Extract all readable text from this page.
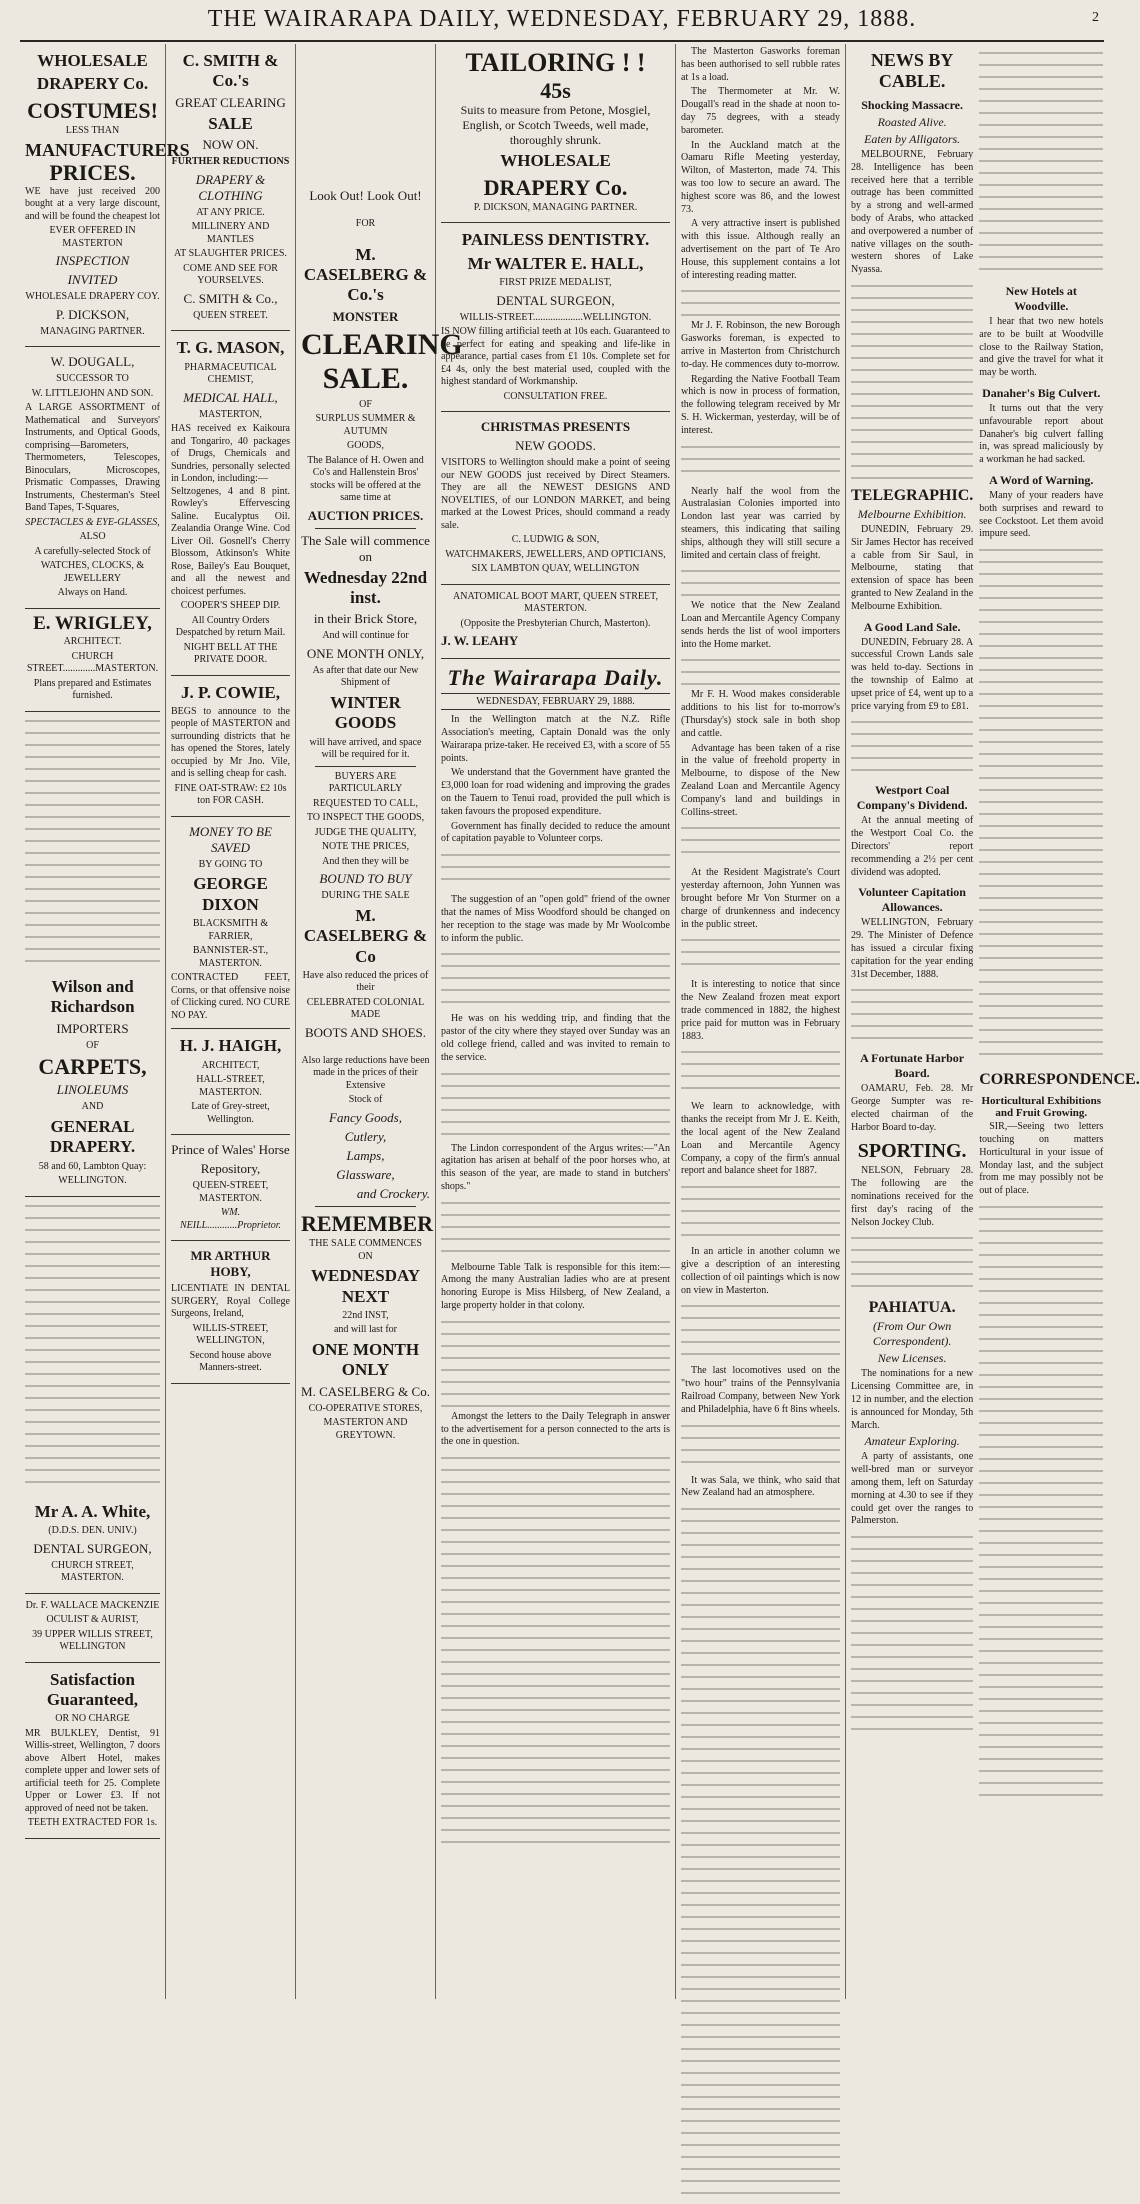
THE WAIRARAPA DAILY, WEDNESDAY, FEBRUARY 29, 1888.	2
WHOLESALE
DRAPERY Co.
COSTUMES!
LESS THAN
MANUFACTURERS
PRICES.
WE have just received 200 bought at a very large discount, and will be found the cheapest lot
EVER OFFERED IN MASTERTON
INSPECTION
INVITED
WHOLESALE DRAPERY COY.
P. DICKSON,
MANAGING PARTNER.
W. DOUGALL,
SUCCESSOR TO
W. LITTLEJOHN AND SON.
A LARGE ASSORTMENT of Mathematical and Surveyors' Instruments, and Optical Goods, comprising—Barometers, Thermometers, Telescopes, Binoculars, Microscopes, Prismatic Compasses, Drawing Instruments, Chesterman's Steel Band Tapes, T-Squares,
SPECTACLES & EYE-GLASSES,
ALSO
A carefully-selected Stock of
WATCHES, CLOCKS, & JEWELLERY
Always on Hand.
E. WRIGLEY,
ARCHITECT.
CHURCH STREET.............MASTERTON.
Plans prepared and Estimates furnished.
Wilson and Richardson
IMPORTERS
OF
CARPETS,
LINOLEUMS
AND
GENERAL DRAPERY.
58 and 60, Lambton Quay:
WELLINGTON.
Mr A. A. White,
(D.D.S. DEN. UNIV.)
DENTAL SURGEON,
CHURCH STREET, MASTERTON.
Dr. F. WALLACE MACKENZIE
OCULIST & AURIST,
39 UPPER WILLIS STREET, WELLINGTON
Satisfaction Guaranteed,
OR NO CHARGE
MR BULKLEY, Dentist, 91 Willis-street, Wellington, 7 doors above Albert Hotel, makes complete upper and lower sets of artificial teeth for 25. Complete Upper or Lower £3. If not approved of need not be taken.
TEETH EXTRACTED FOR 1s.
C. SMITH & Co.'s
GREAT CLEARING
SALE
NOW ON.
FURTHER REDUCTIONS
DRAPERY & CLOTHING
AT ANY PRICE.
MILLINERY AND MANTLES
AT SLAUGHTER PRICES.
COME AND SEE FOR YOURSELVES.
C. SMITH & Co.,
QUEEN STREET.
T. G. MASON,
PHARMACEUTICAL CHEMIST,
MEDICAL HALL,
MASTERTON,
HAS received ex Kaikoura and Tongariro, 40 packages of Drugs, Chemicals and Sundries, personally selected in London, including:—
Seltzogenes, 4 and 8 pint. Rowley's Effervescing Saline. Eucalyptus Oil. Zealandia Orange Wine. Cod Liver Oil. Gosnell's Cherry Blossom, Atkinson's White Rose, Bailey's Eau Bouquet, and all the newest and choicest perfumes.
COOPER'S SHEEP DIP.
All Country Orders Despatched by return Mail.
NIGHT BELL AT THE PRIVATE DOOR.
J. P. COWIE,
BEGS to announce to the people of MASTERTON and surrounding districts that he has opened the Stores, lately occupied by Mr Jno. Vile, and is selling cheap for cash.
FINE OAT-STRAW: £2 10s ton FOR CASH.
MONEY TO BE SAVED
BY GOING TO
GEORGE DIXON
BLACKSMITH & FARRIER,
BANNISTER-ST., MASTERTON.
CONTRACTED FEET, Corns, or that offensive noise of Clicking cured. NO CURE NO PAY.
H. J. HAIGH,
ARCHITECT,
HALL-STREET, MASTERTON.
Late of Grey-street, Wellington.
Prince of Wales' Horse
Repository,
QUEEN-STREET, MASTERTON.
WM. NEILL............Proprietor.
MR ARTHUR HOBY,
LICENTIATE IN DENTAL SURGERY, Royal College Surgeons, Ireland,
WILLIS-STREET, WELLINGTON,
Second house above Manners-street.
Look Out! Look Out!
FOR
M. CASELBERG & Co.'s
MONSTER
CLEARING
SALE.
OF
SURPLUS SUMMER & AUTUMN
GOODS,
The Balance of H. Owen and Co's and Hallenstein Bros' stocks will be offered at the same time at
AUCTION PRICES.
The Sale will commence on
Wednesday 22nd inst.
in their Brick Store,
And will continue for
ONE MONTH ONLY,
As after that date our New Shipment of
WINTER GOODS
will have arrived, and space will be required for it.
BUYERS ARE PARTICULARLY
REQUESTED TO CALL,
TO INSPECT THE GOODS,
JUDGE THE QUALITY,
NOTE THE PRICES,
And then they will be
BOUND TO BUY
DURING THE SALE
M. CASELBERG & Co
Have also reduced the prices of their
CELEBRATED COLONIAL MADE
BOOTS AND SHOES.
Also large reductions have been made in the prices of their Extensive
Stock of
Fancy Goods,
Cutlery,
Lamps,
Glassware,
and Crockery.
REMEMBER
THE SALE COMMENCES ON
WEDNESDAY NEXT
22nd INST,
and will last for
ONE MONTH ONLY
M. CASELBERG & Co.
CO-OPERATIVE STORES,
MASTERTON AND GREYTOWN.
TAILORING ! !
45s
Suits to measure from Petone, Mosgiel, English, or Scotch Tweeds, well made, thoroughly shrunk.
WHOLESALE
DRAPERY Co.
P. DICKSON, MANAGING PARTNER.
PAINLESS DENTISTRY.
Mr WALTER E. HALL,
FIRST PRIZE MEDALIST,
DENTAL SURGEON,
WILLIS-STREET....................WELLINGTON.
IS NOW filling artificial teeth at 10s each. Guaranteed to be perfect for eating and speaking and life-like in appearance, partial cases from £1 10s. Complete set for £4 4s, only the best material used, coupled with the highest standard of Workmanship.
CONSULTATION FREE.
CHRISTMAS PRESENTS
NEW GOODS.
VISITORS to Wellington should make a point of seeing our NEW GOODS just received by Direct Steamers. They are all the NEWEST DESIGNS AND NOVELTIES, of our LONDON MARKET, and being marked at the Lowest Prices, should command a ready sale.
C. LUDWIG & SON,
WATCHMAKERS, JEWELLERS, AND OPTICIANS,
SIX LAMBTON QUAY, WELLINGTON
ANATOMICAL BOOT MART, QUEEN STREET, MASTERTON.
(Opposite the Presbyterian Church, Masterton).
J. W. LEAHY
The Wairarapa Daily.
WEDNESDAY, FEBRUARY 29, 1888.

In the Wellington match at the N.Z. Rifle Association's meeting, Captain Donald was the only Wairarapa prize-taker. He received £3, with a score of 55 points.

We understand that the Government have granted the £3,000 loan for road widening and improving the grades on the Tauern to Tenui road, provided the pull which is taken favours the proposed expenditure.

Government has finally decided to reduce the amount of capitation payable to Volunteer corps.

The suggestion of an "open gold" friend of the owner that the names of Miss Woodford should be changed on her reception to the stage was made by Mr Woolcombe to inform the public.

He was on his wedding trip, and finding that the pastor of the city where they stayed over Sunday was an old college friend, called and was invited to remain to the service.

The Lindon correspondent of the Argus writes:—"An agitation has arisen at behalf of the poor horses who, at this season of the year, are made to stand in butchers' shops."

Melbourne Table Talk is responsible for this item:—Among the many Australian ladies who are at present honoring Europe is Miss Hilsberg, of New Zealand, a large property holder in that colony.

Amongst the letters to the Daily Telegraph in answer to the advertisement for a person connected to the arts is the one in question.

The Masterton Gasworks foreman has been authorised to sell rubble rates at 1s a load.

The Thermometer at Mr. W. Dougall's read in the shade at noon to-day 75 degrees, with a steady barometer.

In the Auckland match at the Oamaru Rifle Meeting yesterday, Wilton, of Masterton, made 74. This was too low to secure an award. The highest score was 86, and the lowest 73.

A very attractive insert is published with this issue. Although really an advertisement on the part of Te Aro House, this supplement contains a lot of interesting reading matter.

Mr J. F. Robinson, the new Borough Gasworks foreman, is expected to arrive in Masterton from Christchurch to-day. He commences duty to-morrow.

Regarding the Native Football Team which is now in process of formation, the following telegram received by Mr S. H. Wickerman, yesterday, will be of interest.

Nearly half the wool from the Australasian Colonies imported into London last year was carried by steamers, this indicating that sailing ships, although they will still secure a limited and certain class of freight.

We notice that the New Zealand Loan and Mercantile Agency Company sends herds the list of wool importers into the Home market.

Mr F. H. Wood makes considerable additions to his list for to-morrow's (Thursday's) stock sale in both shop and cattle.

Advantage has been taken of a rise in the value of freehold property in Melbourne, to dispose of the New Zealand Loan and Mercantile Agency Company's land and buildings in Collins-street.

At the Resident Magistrate's Court yesterday afternoon, John Yunnen was brought before Mr Von Sturmer on a charge of drunkenness and indecency in the public street.

It is interesting to notice that since the New Zealand frozen meat export trade commenced in 1882, the highest price paid for mutton was in February 1883.

We learn to acknowledge, with thanks the receipt from Mr J. E. Keith, the local agent of the New Zealand Loan and Mercantile Agency Company, a copy of the firm's annual report and balance sheet for 1887.

In an article in another column we give a description of an interesting collection of oil paintings which is now on view in Masterton.

The last locomotives used on the "two hour" trains of the Pennsylvania Railroad Company, between New York and Philadelphia, have 6 ft 8ins wheels.

It was Sala, we think, who said that New Zealand had an atmosphere.

NEWS BY CABLE.
Shocking Massacre.
Roasted Alive.
Eaten by Alligators.

MELBOURNE, February 28. Intelligence has been received here that a terrible outrage has been committed by a strong and well-armed body of Arabs, who attacked and overpowered a number of native villages on the south-western shores of Lake Nyassa.

TELEGRAPHIC.
Melbourne Exhibition.

DUNEDIN, February 29. Sir James Hector has received a cable from Sir Saul, in Melbourne, stating that extension of space has been granted to New Zealand in the Melbourne Exhibition.

A Good Land Sale.

DUNEDIN, February 28. A successful Crown Lands sale was held to-day. Sections in the township of Ealmo at upset price of £4, went up to a price varying from £9 to £81.

Westport Coal Company's Dividend.

At the annual meeting of the Westport Coal Co. the Directors' report recommending a 2½ per cent dividend was adopted.

Volunteer Capitation Allowances.

WELLINGTON, February 29. The Minister of Defence has issued a circular fixing capitation for the year ending 31st December, 1888.

A Fortunate Harbor Board.

OAMARU, Feb. 28. Mr George Sumpter was re-elected chairman of the Harbor Board to-day.

SPORTING.

NELSON, February 28. The following are the nominations received for the first day's racing of the Nelson Jockey Club.

PAHIATUA.
(From Our Own Correspondent).
New Licenses.

The nominations for a new Licensing Committee are, in 12 in number, and the election is announced for Monday, 5th March.

Amateur Exploring.

A party of assistants, one well-bred man or surveyor among them, left on Saturday morning at 4.30 to see if they could get over the ranges to Palmerston.

New Hotels at Woodville.

I hear that two new hotels are to be built at Woodville close to the Railway Station, and give the travel for what it may be worth.

Danaher's Big Culvert.

It turns out that the very unfavourable report about Danaher's big culvert falling in, was spread maliciously by a workman he had sacked.

A Word of Warning.

Many of your readers have both surprises and reward to see Cockstoot. Let them avoid impure seed.

CORRESPONDENCE.
Horticultural Exhibitions and Fruit Growing.

SIR,—Seeing two letters touching on matters Horticultural in your issue of Monday last, and the subject from me may possibly not be out of place.
